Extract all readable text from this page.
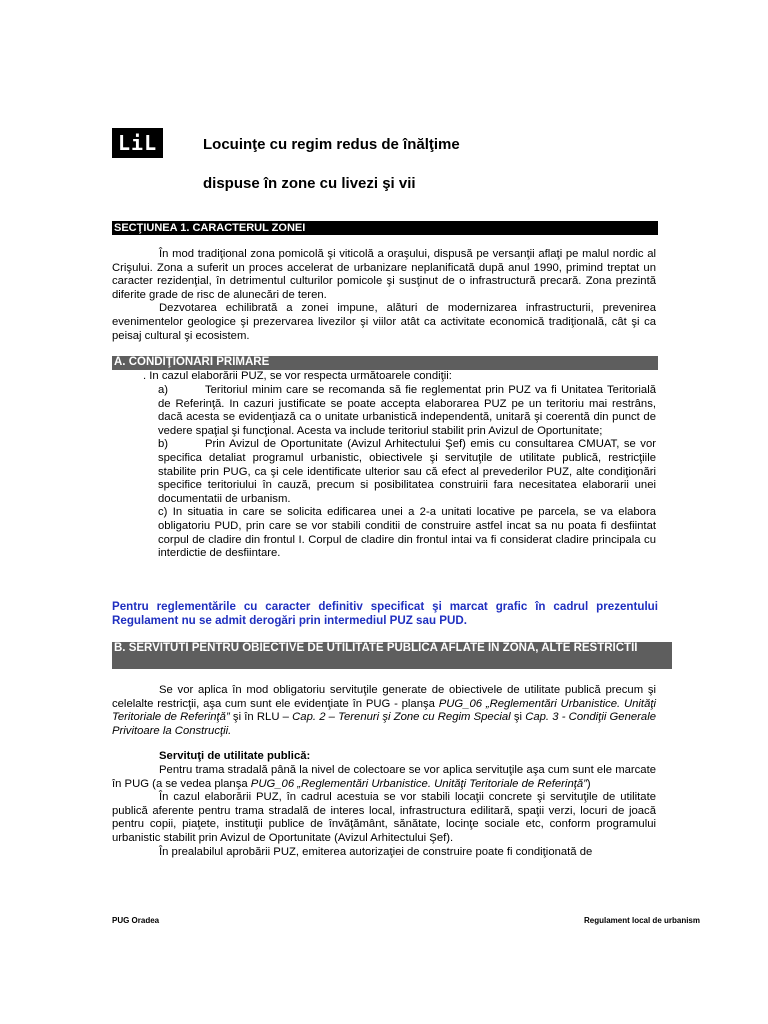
LiL	Locuinţe cu regim redus de înălţime
dispuse în zone cu livezi şi vii
SECŢIUNEA 1. CARACTERUL ZONEI

În mod tradiţional zona pomicolă şi viticolă a oraşului, dispusă pe versanţii aflaţi pe malul nordic al Crişului. Zona a suferit un proces accelerat de urbanizare neplanificată după anul 1990, primind treptat un caracter rezidenţial, în detrimentul culturilor pomicole şi susţinut de o infrastructură precară. Zona prezintă diferite grade de risc de alunecări de teren.

Dezvotarea echilibrată a zonei impune, alături de modernizarea infrastructurii, prevenirea evenimentelor geologice şi prezervarea livezilor şi viilor atât ca activitate economică tradiţională, cât şi ca peisaj cultural şi ecosistem.

A. CONDIŢIONĂRI PRIMARE
. In cazul elaborării PUZ, se vor respecta următoarele condiţii:

a)	Teritoriul minim care se recomanda să fie reglementat prin PUZ va fi Unitatea Teritorială de Referinţă. In cazuri justificate se poate accepta elaborarea PUZ pe un teritoriu mai restrâns, dacă acesta se evidenţiază ca o unitate urbanistică independentă, unitară şi coerentă din punct de vedere spaţial şi funcţional. Acesta va include teritoriul stabilit prin Avizul de Oportunitate;

b)	Prin Avizul de Oportunitate (Avizul Arhitectului Şef) emis cu consultarea CMUAT, se vor specifica detaliat programul urbanistic, obiectivele şi servituţile de utilitate publică, restricţiile stabilite prin PUG, ca şi cele identificate ulterior sau că efect al prevederilor PUZ, alte condiţionări specifice teritoriului în cauză, precum si posibilitatea construirii fara necesitatea elaborarii unei documentatii de urbanism.

c) In situatia in care se solicita edificarea unei a 2-a unitati locative pe parcela, se va elabora obligatoriu PUD, prin care se vor stabili conditii de construire astfel incat sa nu poata fi desfiintat corpul de cladire din frontul I. Corpul de cladire din frontul intai va fi considerat cladire principala cu interdictie de desfiintare.

Pentru reglementările cu caracter definitiv specificat şi marcat grafic în cadrul prezentului Regulament nu se admit derogări prin intermediul PUZ sau PUD.
B. SERVITUTI PENTRU OBIECTIVE DE UTILITATE PUBLICA AFLATE IN ZONA, ALTE RESTRICTII

Se vor aplica în mod obligatoriu servituţile generate de obiectivele de utilitate publică precum şi celelalte restricţii, aşa cum sunt ele evidenţiate în PUG - planşa PUG_06 „Reglementări Urbanistice. Unităţi Teritoriale de Referinţă” şi în RLU – Cap. 2 – Terenuri şi Zone cu Regim Special şi Cap. 3 - Condiţii Generale Privitoare la Construcţii.

Servituţi de utilitate publică:

Pentru trama stradală până la nivel de colectoare se vor aplica servituţile aşa cum sunt ele marcate în PUG (a se vedea planşa PUG_06 „Reglementări Urbanistice. Unităţi Teritoriale de Referinţă”)

În cazul elaborării PUZ, în cadrul acestuia se vor stabili locaţii concrete şi servituţile de utilitate publică aferente pentru trama stradală de interes local, infrastructura edilitară, spaţii verzi, locuri de joacă pentru copii, piaţete, instituţii publice de învăţământ, sănătate, locinţe sociale etc, conform programului urbanistic stabilit prin Avizul de Oportunitate (Avizul Arhitectului Şef).

În prealabilul aprobării PUZ, emiterea autorizaţiei de construire poate fi condiţionată de

PUG Oradea	Regulament local de urbanism
